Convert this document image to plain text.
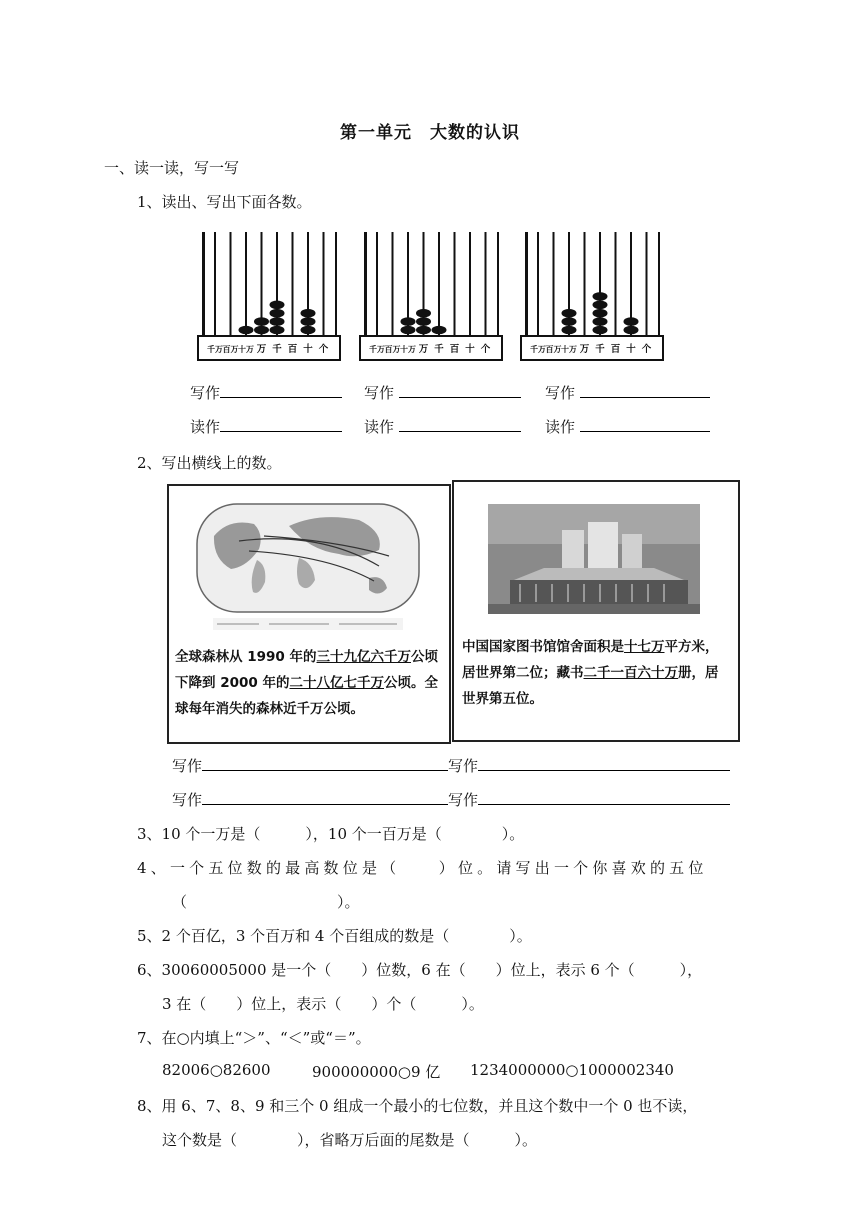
第一单元　大数的认识
一、读一读，写一写
1、读出、写出下面各数。
千万 百万 十万 万 千 百 十 个	千万 百万 十万 万 千 百 十 个	千万 百万 十万 万 千 百 十 个
写作	写作	写作
读作	读作	读作
2、写出横线上的数。
全球森林从 1990 年的三十九亿六千万公顷下降到 2000 年的二十八亿七千万公顷。全球每年消失的森林近千万公顷。
中国国家图书馆馆舍面积是十七万平方米，居世界第二位；藏书二千一百六十万册，居世界第五位。
写作	写作
写作	写作
3、10 个一万是（　　　），10 个一百万是（　　　　）。
4、一个五位数的最高数位是（　　）位。请写出一个你喜欢的五位
（　　　　　　　　　　）。
5、2 个百亿，3 个百万和 4 个百组成的数是（　　　　）。
6、30060005000 是一个（　　）位数，6 在（　　）位上，表示 6 个（　　　），
3 在（　　）位上，表示（　　）个（　　　）。
7、在○内填上“＞”、“＜”或“＝”。
82006○82600	900000000○9 亿 1234000000○1000002340
8、用 6、7、8、9 和三个 0 组成一个最小的七位数，并且这个数中一个 0 也不读，
这个数是（　　　　），省略万后面的尾数是（　　　）。
